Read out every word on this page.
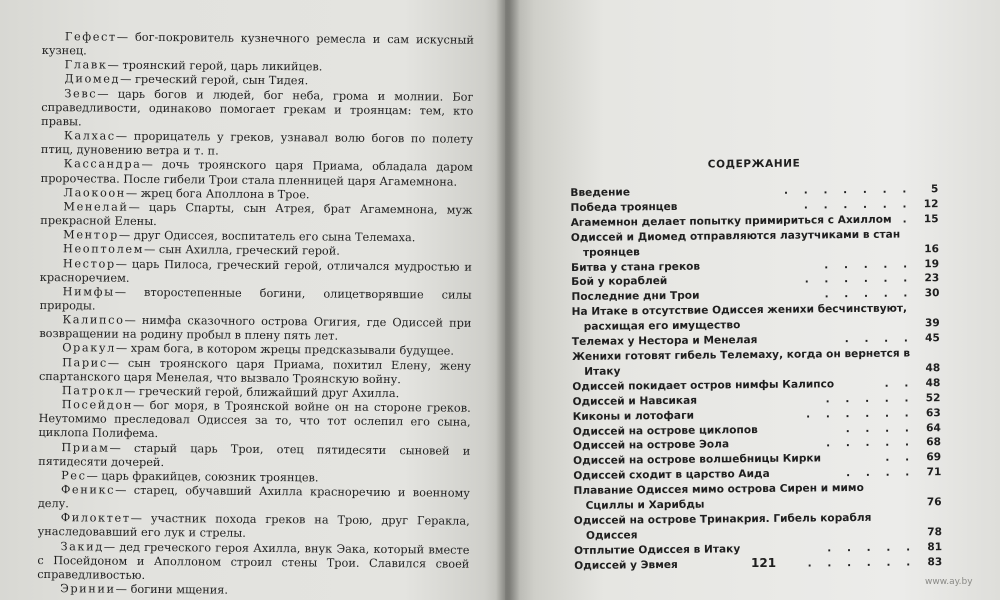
Гефест— бог-покровитель кузнечного ремесла и сам искусный кузнец.

Главк— троянский герой, царь ликийцев.

Диомед— греческий герой, сын Тидея.

Зевс— царь богов и людей, бог неба, грома и молнии. Бог справедливости, одинаково помогает грекам и троянцам: тем, кто правы.

Калхас— прорицатель у греков, узнавал волю богов по полету птиц, дуновению ветра и т. п.

Кассандра— дочь троянского царя Приама, обладала даром пророчества. После гибели Трои стала пленницей царя Агамемнона.

Лаокоон— жрец бога Аполлона в Трое.

Менелай— царь Спарты, сын Атрея, брат Агамемнона, муж прекрасной Елены.

Ментор— друг Одиссея, воспитатель его сына Телемаха.

Неоптолем— сын Ахилла, греческий герой.

Нестор— царь Пилоса, греческий герой, отличался мудростью и красноречием.

Нимфы— второстепенные богини, олицетворявшие силы природы.

Калипсо— нимфа сказочного острова Огигия, где Одиссей при возвращении на родину пробыл в плену пять лет.

Оракул— храм бога, в котором жрецы предсказывали будущее.

Парис— сын троянского царя Приама, похитил Елену, жену спартанского царя Менелая, что вызвало Троянскую войну.

Патрокл— греческий герой, ближайший друг Ахилла.

Посейдон— бог моря, в Троянской войне он на стороне греков. Неутомимо преследовал Одиссея за то, что тот ослепил его сына, циклопа Полифема.

Приам— старый царь Трои, отец пятидесяти сыновей и пятидесяти дочерей.

Рес— царь фракийцев, союзник троянцев.

Феникс— старец, обучавший Ахилла красноречию и военному делу.

Филоктет— участник похода греков на Трою, друг Геракла, унаследовавший его лук и стрелы.

Закид— дед греческого героя Ахилла, внук Эака, который вместе с Посейдоном и Аполлоном строил стены Трои. Славился своей справедливостью.

Эринии— богини мщения.

СОДЕРЖАНИЕ
Введение	. . . . . . .	5
Победа троянцев	. . . . . .	12
Агамемнон делает попытку примириться с Ахиллом	.	15
Одиссей и Диомед отправляются лазутчиками в стан троянцев	16
Битва у стана греков	. . . . .	19
Бой у кораблей	. . . . . .	23
Последние дни Трои	. . . . .	30
На Итаке в отсутствие Одиссея женихи бесчинствуют, расхищая его имущество	39
Телемах у Нестора и Менелая	. . . .	45
Женихи готовят гибель Телемаху, когда он вернется в Итаку	48
Одиссей покидает остров нимфы Калипсо	. .	48
Одиссей и Навсикая	. . . . .	52
Киконы и лотофаги	. . . . . .	63
Одиссей на острове циклопов	. . . .	64
Одиссей на острове Эола	. . . . .	68
Одиссей на острове волшебницы Кирки	. .	69
Одиссей сходит в царство Аида	. . . .	71
Плавание Одиссея мимо острова Сирен и мимо Сциллы и Харибды	76
Одиссей на острове Тринакрия. Гибель корабля Одиссея	78
Отплытие Одиссея в Итаку	. . . . .	81
Одиссей у Эвмея	. . . . . .	83
121
www.ay.by
